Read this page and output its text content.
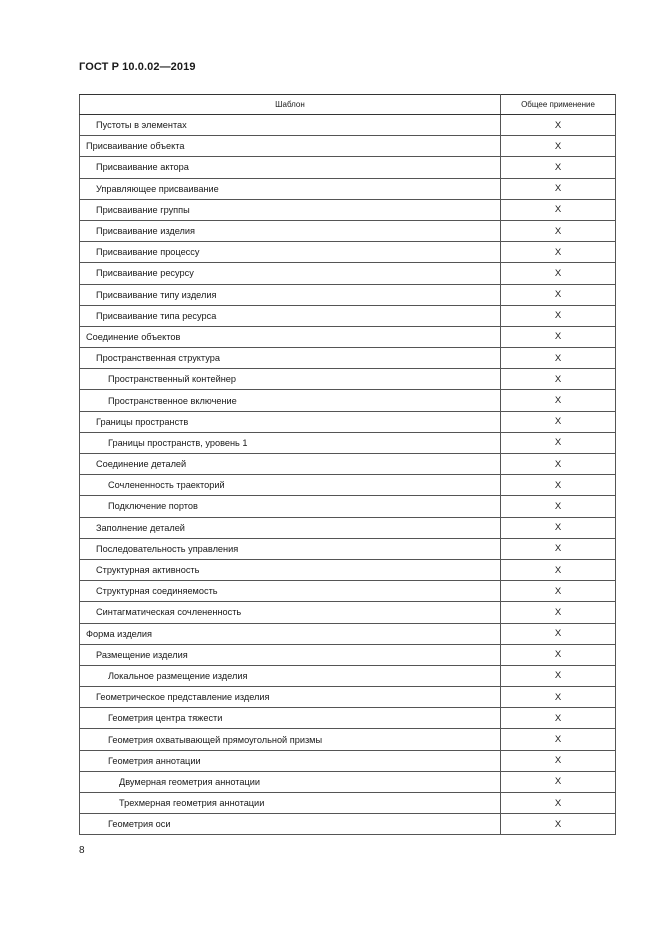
ГОСТ Р 10.0.02—2019
Шаблон	Общее применение
Пустоты в элементах	X
Присваивание объекта	X
Присваивание актора	X
Управляющее присваивание	X
Присваивание группы	X
Присваивание изделия	X
Присваивание процессу	X
Присваивание ресурсу	X
Присваивание типу изделия	X
Присваивание типа ресурса	X
Соединение объектов	X
Пространственная структура	X
Пространственный контейнер	X
Пространственное включение	X
Границы пространств	X
Границы пространств, уровень 1	X
Соединение деталей	X
Сочлененность траекторий	X
Подключение портов	X
Заполнение деталей	X
Последовательность управления	X
Структурная активность	X
Структурная соединяемость	X
Синтагматическая сочлененность	X
Форма изделия	X
Размещение изделия	X
Локальное размещение изделия	X
Геометрическое представление изделия	X
Геометрия центра тяжести	X
Геометрия охватывающей прямоугольной призмы	X
Геометрия аннотации	X
Двумерная геометрия аннотации	X
Трехмерная геометрия аннотации	X
Геометрия оси	X
8
